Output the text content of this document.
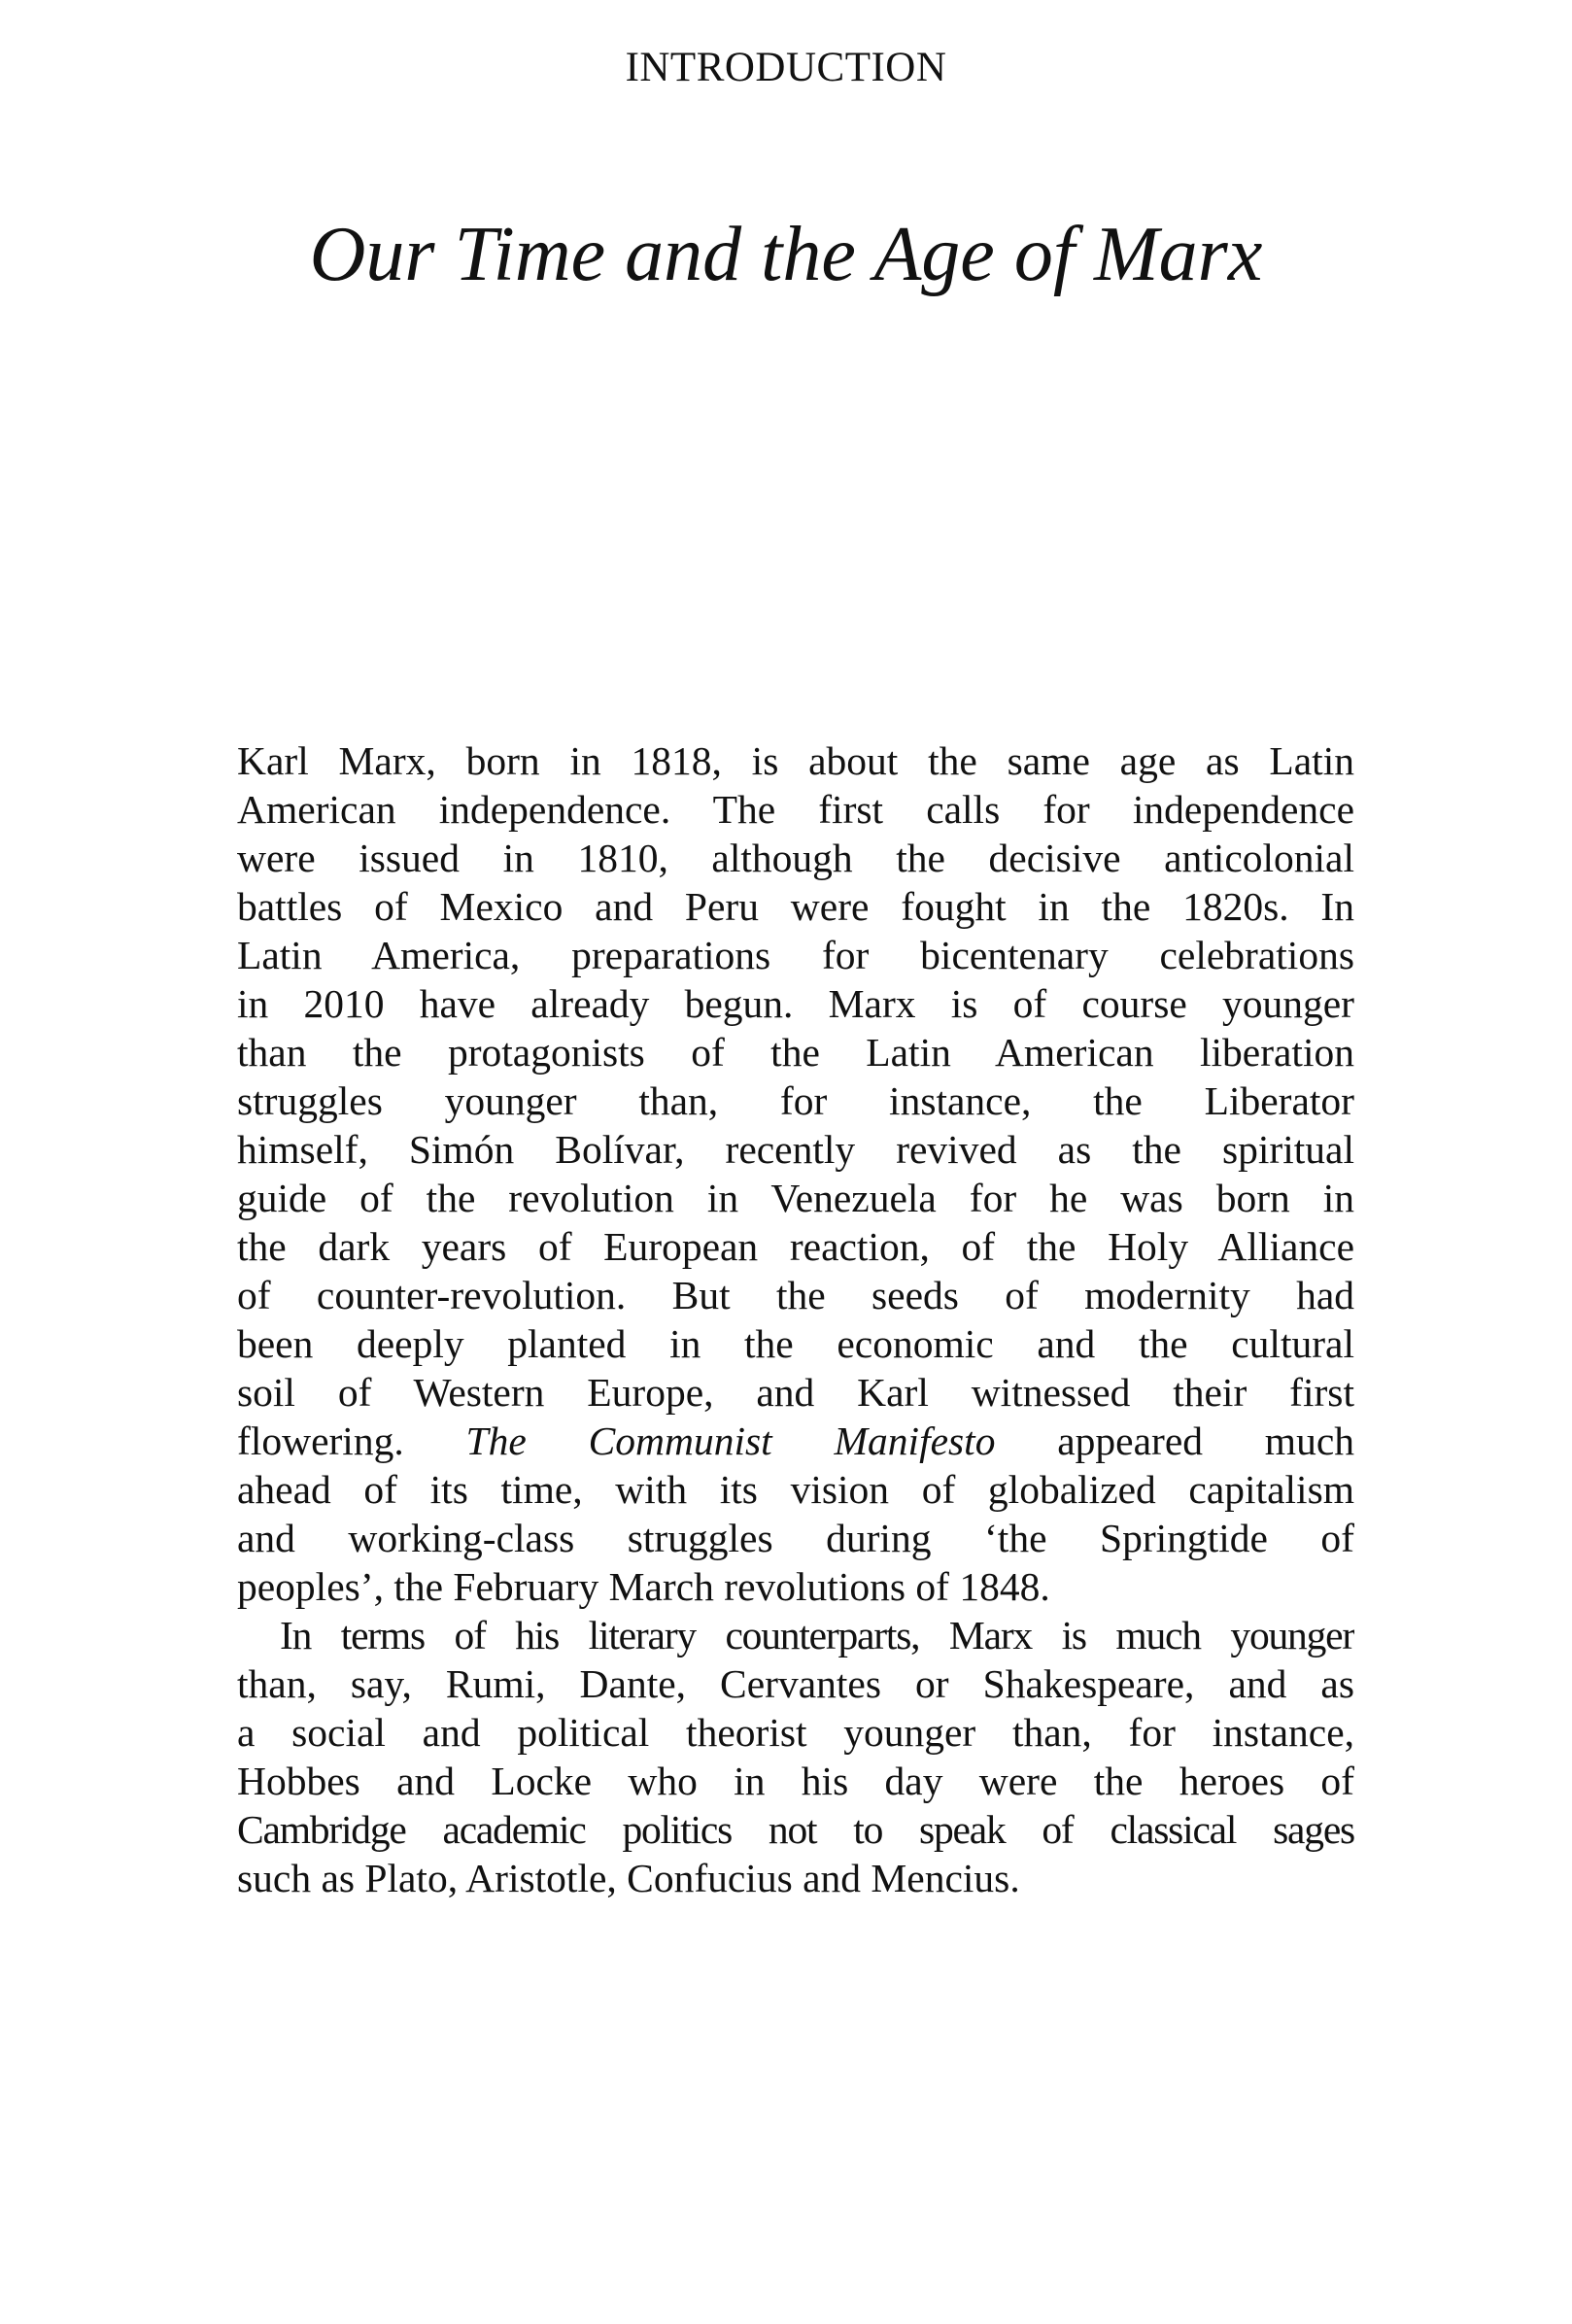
INTRODUCTION
Our Time and the Age of Marx
Karl Marx, born in 1818, is about the same age as Latin
American independence. The first calls for independence
were issued in 1810, although the decisive anticolonial
battles of Mexico and Peru were fought in the 1820s. In
Latin America, preparations for bicentenary celebrations
in 2010 have already begun. Marx is of course younger
than the protagonists of the Latin American liberation
struggles younger than, for instance, the Liberator
himself, Simón Bolívar, recently revived as the spiritual
guide of the revolution in Venezuela for he was born in
the dark years of European reaction, of the Holy Alliance
of counter-revolution. But the seeds of modernity had
been deeply planted in the economic and the cultural
soil of Western Europe, and Karl witnessed their first
flowering. The Communist Manifesto appeared much
ahead of its time, with its vision of globalized capitalism
and working-class struggles during ‘the Springtide of
peoples’, the February March revolutions of 1848.
In terms of his literary counterparts, Marx is much younger
than, say, Rumi, Dante, Cervantes or Shakespeare, and as
a social and political theorist younger than, for instance,
Hobbes and Locke who in his day were the heroes of
Cambridge academic politics not to speak of classical sages
such as Plato, Aristotle, Confucius and Mencius.
